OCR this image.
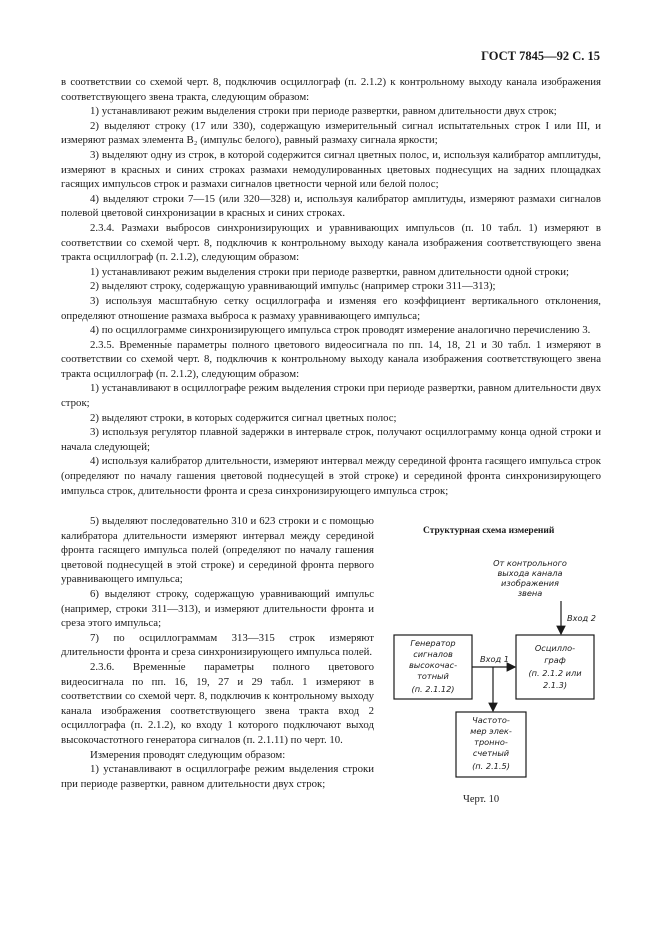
ГОСТ 7845—92 С. 15

в соответствии со схемой черт. 8, подключив осциллограф (п. 2.1.2) к контрольному выходу канала изображения соответствующего звена тракта, следующим образом:

1) устанавливают режим выделения строки при периоде развертки, равном длительности двух строк;

2) выделяют строку (17 или 330), содержащую измерительный сигнал испытательных строк I или III, и измеряют размах элемента В₂ (импульс белого), равный размаху сигнала яркости;

3) выделяют одну из строк, в которой содержится сигнал цветных полос, и, используя калибратор амплитуды, измеряют в красных и синих строках размахи немодулированных цветовых поднесущих на задних площадках гасящих импульсов строк и размахи сигналов цветности черной или белой полос;

4) выделяют строки 7—15 (или 320—328) и, используя калибратор амплитуды, измеряют размахи сигналов полевой цветовой синхронизации в красных и синих строках.

2.3.4. Размахи выбросов синхронизирующих и уравнивающих импульсов (п. 10 табл. 1) измеряют в соответствии со схемой черт. 8, подключив к контрольному выходу канала изображения соответствующего звена тракта осциллограф (п. 2.1.2), следующим образом:

1) устанавливают режим выделения строки при периоде развертки, равном длительности одной строки;

2) выделяют строку, содержащую уравнивающий импульс (например строки 311—313);

3) используя масштабную сетку осциллографа и изменяя его коэффициент вертикального отклонения, определяют отношение размаха выброса к размаху уравнивающего импульса;

4) по осциллограмме синхронизирующего импульса строк проводят измерение аналогично перечислению 3.

2.3.5. Временны́е параметры полного цветового видеосигнала по пп. 14, 18, 21 и 30 табл. 1 измеряют в соответствии со схемой черт. 8, подключив к контрольному выходу канала изображения соответствующего звена тракта осциллограф (п. 2.1.2), следующим образом:

1) устанавливают в осциллографе режим выделения строки при периоде развертки, равном длительности двух строк;

2) выделяют строки, в которых содержится сигнал цветных полос;

3) используя регулятор плавной задержки в интервале строк, получают осциллограмму конца одной строки и начала следующей;

4) используя калибратор длительности, измеряют интервал между серединой фронта гасящего импульса строк (определяют по началу гашения цветовой поднесущей в этой строке) и серединой фронта синхронизирующего импульса строк, длительности фронта и среза синхронизирующего импульса строк;

5) выделяют последовательно 310 и 623 строки и с помощью калибратора длительности измеряют интервал между серединой фронта гасящего импульса полей (определяют по началу гашения цветовой поднесущей в этой строке) и серединой фронта первого уравнивающего импульса;

6) выделяют строку, содержащую уравнивающий импульс (например, строки 311—313), и измеряют длительности фронта и среза этого импульса;

7) по осциллограммам 313—315 строк измеряют длительности фронта и среза синхронизирующего импульса полей.

2.3.6. Временны́е параметры полного цветового видеосигнала по пп. 16, 19, 27 и 29 табл. 1 измеряют в соответствии со схемой черт. 8, подключив к контрольному выходу канала изображения соответствующего звена тракта вход 2 осциллографа (п. 2.1.2), ко входу 1 которого подключают выход высокочастотного генератора сигналов (п. 2.1.11) по черт. 10.

Измерения проводят следующим образом:

1) устанавливают в осциллографе режим выделения строки при периоде развертки, равном длительности двух строк;

Структурная схема измерений
От контрольного
выхода канала
изображения
звена
Вход 2
Генератор
сигналов
высокочас-
тотный
(п. 2.1.12)
Осцилло-
граф
(п. 2.1.2 или
2.1.3)
Вход 1
Частото-
мер элек-
тронно-
счетный
(п. 2.1.5)
Черт. 10
